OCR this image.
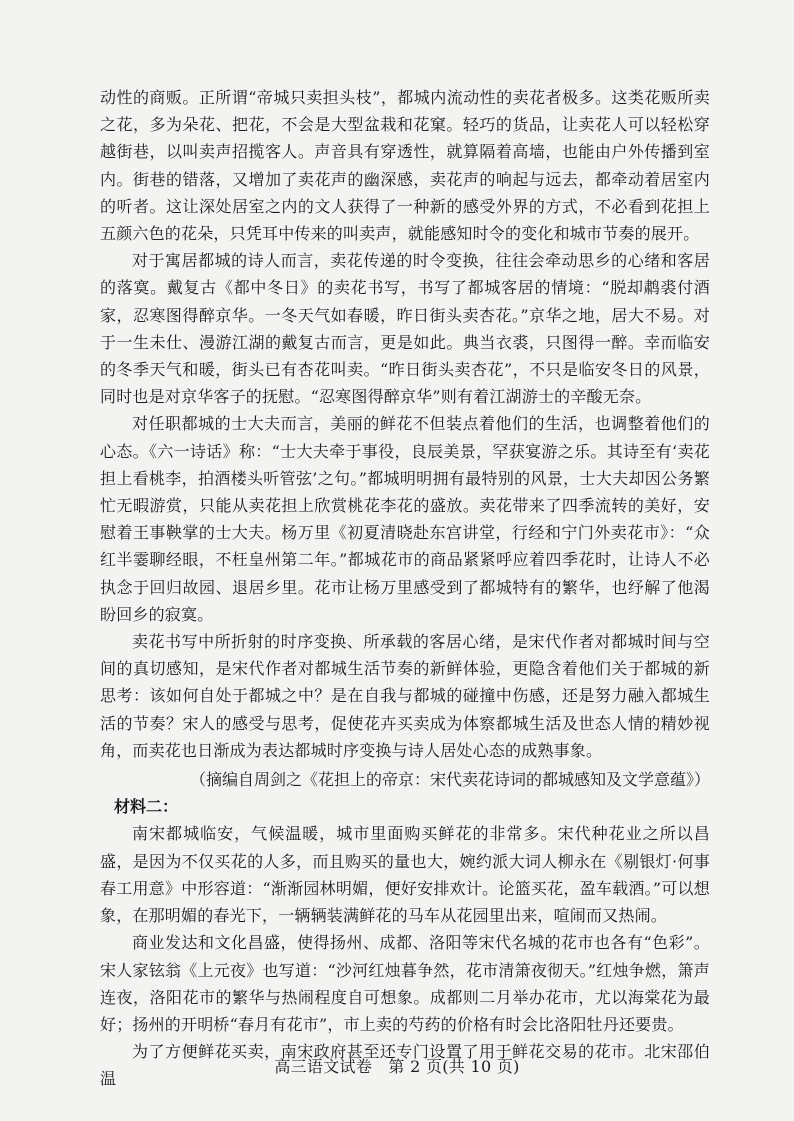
动性的商贩。正所谓“帝城只卖担头枝”，都城内流动性的卖花者极多。这类花贩所卖之花，多为朵花、把花，不会是大型盆栽和花窠。轻巧的货品，让卖花人可以轻松穿越街巷，以叫卖声招揽客人。声音具有穿透性，就算隔着高墙，也能由户外传播到室内。街巷的错落，又增加了卖花声的幽深感，卖花声的响起与远去，都牵动着居室内的听者。这让深处居室之内的文人获得了一种新的感受外界的方式，不必看到花担上五颜六色的花朵，只凭耳中传来的叫卖声，就能感知时令的变化和城市节奏的展开。

对于寓居都城的诗人而言，卖花传递的时令变换，往往会牵动思乡的心绪和客居的落寞。戴复古《都中冬日》的卖花书写，书写了都城客居的情境：“脱却鹔裘付酒家，忍寒图得醉京华。一冬天气如春暖，昨日街头卖杏花。”京华之地，居大不易。对于一生未仕、漫游江湖的戴复古而言，更是如此。典当衣裘，只图得一醉。幸而临安的冬季天气和暖，街头已有杏花叫卖。“昨日街头卖杏花”，不只是临安冬日的风景，同时也是对京华客子的抚慰。“忍寒图得醉京华”则有着江湖游士的辛酸无奈。

对任职都城的士大夫而言，美丽的鲜花不但装点着他们的生活，也调整着他们的心态。《六一诗话》称：“士大夫牵于事役，良辰美景，罕获宴游之乐。其诗至有‘卖花担上看桃李，拍酒楼头听管弦’之句。”都城明明拥有最特别的风景，士大夫却因公务繁忙无暇游赏，只能从卖花担上欣赏桃花李花的盛放。卖花带来了四季流转的美好，安慰着王事鞅掌的士大夫。杨万里《初夏清晓赴东宫讲堂，行经和宁门外卖花市》：“众红半霎聊经眼，不枉皇州第二年。”都城花市的商品紧紧呼应着四季花时，让诗人不必执念于回归故园、退居乡里。花市让杨万里感受到了都城特有的繁华，也纾解了他渴盼回乡的寂寞。

卖花书写中所折射的时序变换、所承载的客居心绪，是宋代作者对都城时间与空间的真切感知，是宋代作者对都城生活节奏的新鲜体验，更隐含着他们关于都城的新思考：该如何自处于都城之中？是在自我与都城的碰撞中伤感，还是努力融入都城生活的节奏？宋人的感受与思考，促使花卉买卖成为体察都城生活及世态人情的精妙视角，而卖花也日渐成为表达都城时序变换与诗人居处心态的成熟事象。

（摘编自周剑之《花担上的帝京：宋代卖花诗词的都城感知及文学意蕴》）

材料二：

南宋都城临安，气候温暖，城市里面购买鲜花的非常多。宋代种花业之所以昌盛，是因为不仅买花的人多，而且购买的量也大，婉约派大词人柳永在《剔银灯·何事春工用意》中形容道：“渐渐园林明媚，便好安排欢计。论篮买花，盈车载酒。”可以想象，在那明媚的春光下，一辆辆装满鲜花的马车从花园里出来，喧闹而又热闹。

商业发达和文化昌盛，使得扬州、成都、洛阳等宋代名城的花市也各有“色彩”。宋人家铉翁《上元夜》也写道：“沙河红烛暮争然，花市清箫夜彻天。”红烛争燃，箫声连夜，洛阳花市的繁华与热闹程度自可想象。成都则二月举办花市，尤以海棠花为最好；扬州的开明桥“春月有花市”，市上卖的芍药的价格有时会比洛阳牡丹还要贵。

为了方便鲜花买卖，南宋政府甚至还专门设置了用于鲜花交易的花市。北宋邵伯温

高三语文试卷　第 2 页(共 10 页)
